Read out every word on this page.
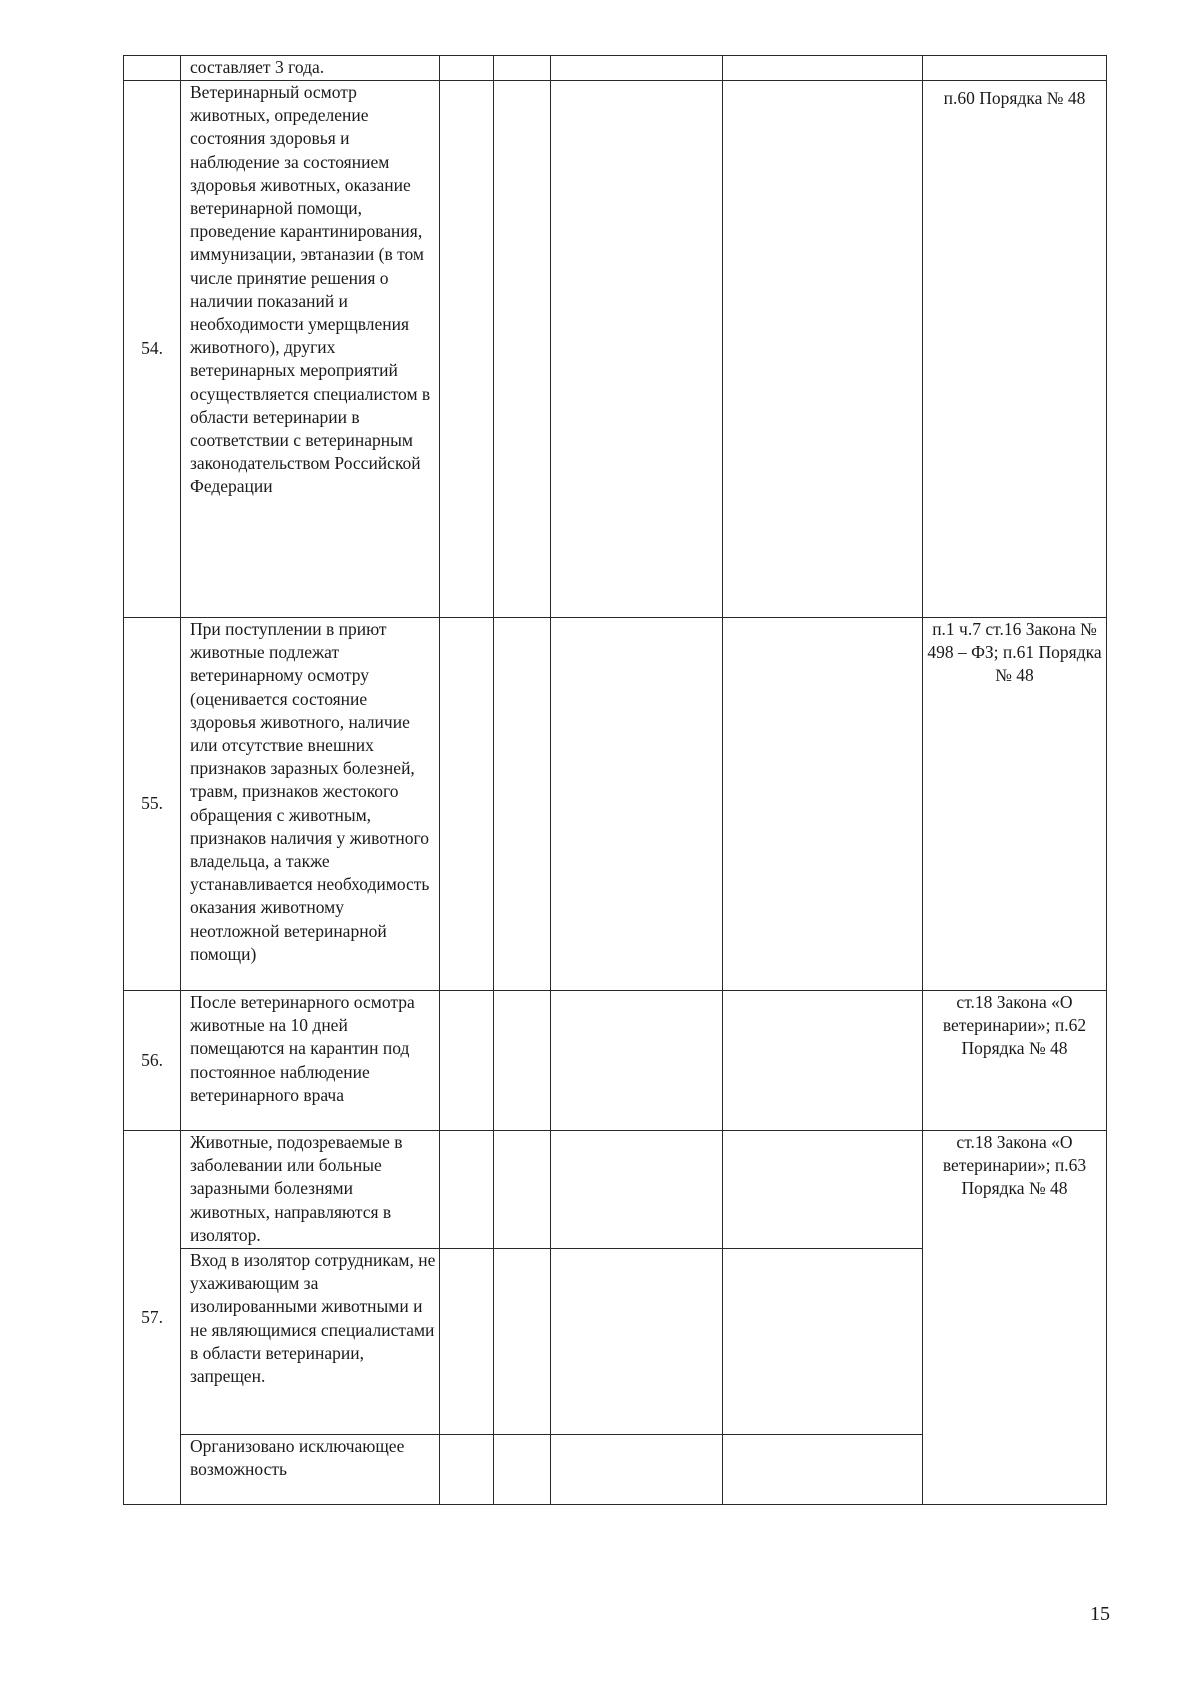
	составляет 3 года.					
54.	Ветеринарный осмотр животных, определение состояния здоровья и наблюдение за состоянием здоровья животных, оказание ветеринарной помощи, проведение карантинирования, иммунизации, эвтаназии (в том числе принятие решения о наличии показаний и необходимости умерщвления животного), других ветеринарных мероприятий осуществляется специалистом в области ветеринарии в соответствии с ветеринарным законодательством Российской Федерации					п.60 Порядка № 48
55.	При поступлении в приют животные подлежат ветеринарному осмотру (оценивается состояние здоровья животного, наличие или отсутствие внешних признаков заразных болезней, травм, признаков жестокого обращения с животным, признаков наличия у животного владельца, а также устанавливается необходимость оказания животному неотложной ветеринарной помощи)					п.1 ч.7 ст.16 Закона № 498 – ФЗ; п.61 Порядка № 48
56.	После ветеринарного осмотра животные на 10 дней помещаются на карантин под постоянное наблюдение ветеринарного врача					ст.18 Закона «О ветеринарии»; п.62 Порядка № 48
57.	Животные, подозреваемые в заболевании или больные заразными болезнями животных, направляются в изолятор.					ст.18 Закона «О ветеринарии»; п.63 Порядка № 48
	Вход в изолятор сотрудникам, не ухаживающим за изолированными животными и не являющимися специалистами в области ветеринарии, запрещен.					
	Организовано исключающее возможность					
15
